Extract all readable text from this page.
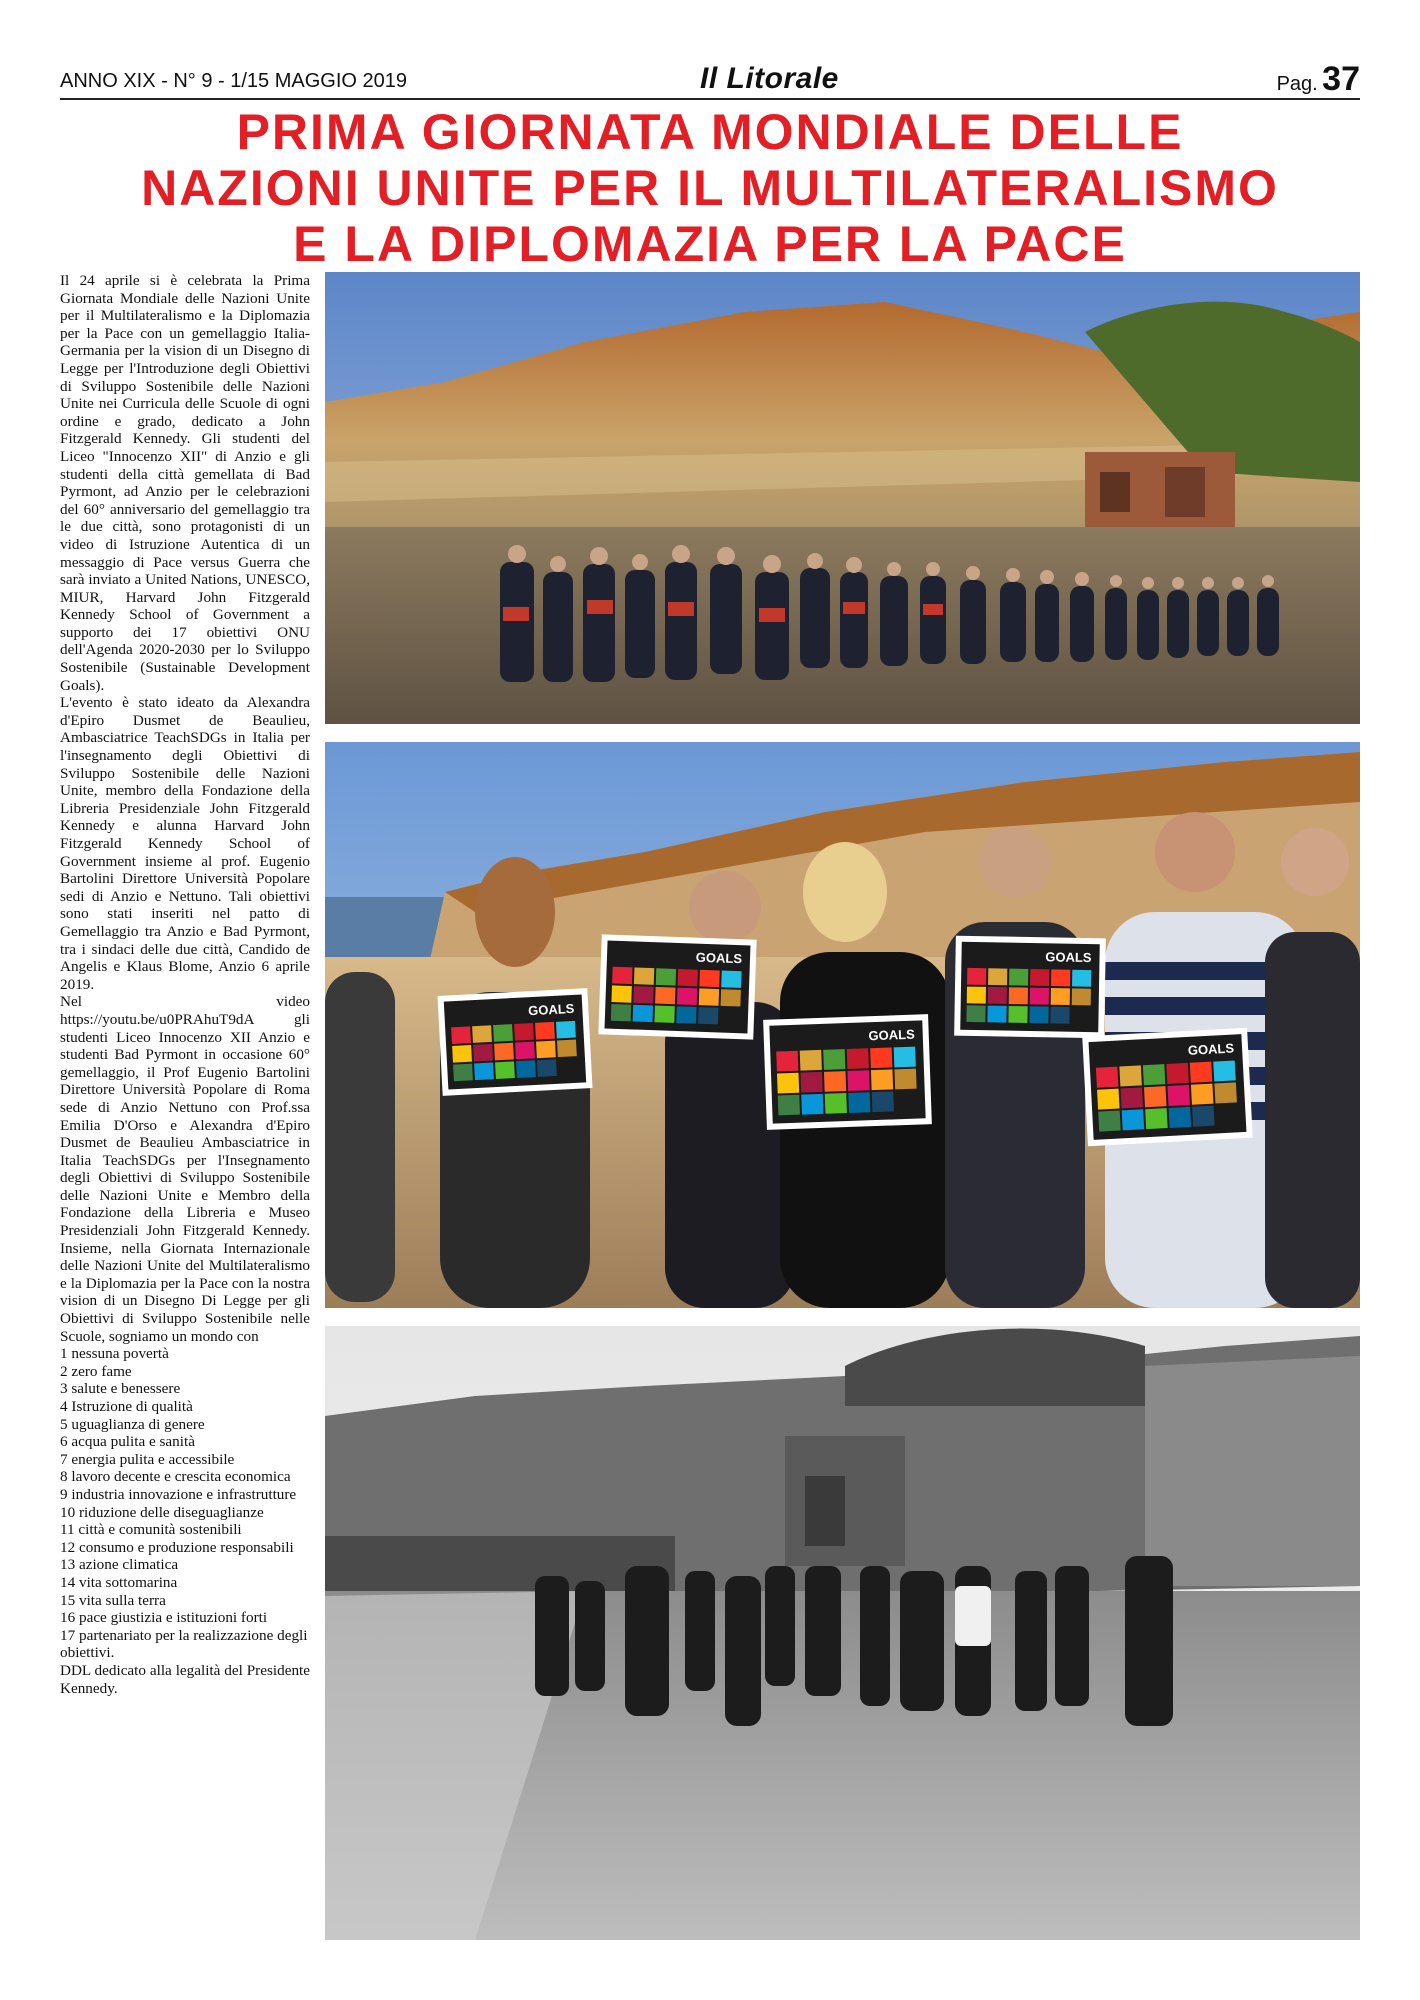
ANNO XIX - N° 9 - 1/15 MAGGIO 2019	Il Litorale	Pag. 37
PRIMA GIORNATA MONDIALE DELLE
NAZIONI UNITE PER IL MULTILATERALISMO
E LA DIPLOMAZIA PER LA PACE

Il 24 aprile si è celebrata la Prima Giornata Mondiale delle Nazioni Unite per il Multilateralismo e la Diplomazia per la Pace con un gemellaggio Italia-Germania per la vision di un Disegno di Legge per l'Introduzione degli Obiettivi di Sviluppo Sostenibile delle Nazioni Unite nei Curricula delle Scuole di ogni ordine e grado, dedicato a John Fitzgerald Kennedy. Gli studenti del Liceo "Innocenzo XII" di Anzio e gli studenti della città gemellata di Bad Pyrmont, ad Anzio per le celebrazioni del 60° anniversario del gemellaggio tra le due città, sono protagonisti di un video di Istruzione Autentica di un messaggio di Pace versus Guerra che sarà inviato a United Nations, UNESCO, MIUR, Harvard John Fitzgerald Kennedy School of Government a supporto dei 17 obiettivi ONU dell'Agenda 2020-2030 per lo Sviluppo Sostenibile (Sustainable Development Goals).

L'evento è stato ideato da Alexandra d'Epiro Dusmet de Beaulieu, Ambasciatrice TeachSDGs in Italia per l'insegnamento degli Obiettivi di Sviluppo Sostenibile delle Nazioni Unite, membro della Fondazione della Libreria Presidenziale John Fitzgerald Kennedy e alunna Harvard John Fitzgerald Kennedy School of Government insieme al prof. Eugenio Bartolini Direttore Università Popolare sedi di Anzio e Nettuno. Tali obiettivi sono stati inseriti nel patto di Gemellaggio tra Anzio e Bad Pyrmont, tra i sindaci delle due città, Candido de Angelis e Klaus Blome, Anzio 6 aprile 2019.

Nel video https://youtu.be/u0PRAhuT9dA gli studenti Liceo Innocenzo XII Anzio e studenti Bad Pyrmont in occasione 60° gemellaggio, il Prof Eugenio Bartolini Direttore Università Popolare di Roma sede di Anzio Nettuno con Prof.ssa Emilia D'Orso e Alexandra d'Epiro Dusmet de Beaulieu Ambasciatrice in Italia TeachSDGs per l'Insegnamento degli Obiettivi di Sviluppo Sostenibile delle Nazioni Unite e Membro della Fondazione della Libreria e Museo Presidenziali John Fitzgerald Kennedy. Insieme, nella Giornata Internazionale delle Nazioni Unite del Multilateralismo e la Diplomazia per la Pace con la nostra vision di un Disegno Di Legge per gli Obiettivi di Sviluppo Sostenibile nelle Scuole, sogniamo un mondo con

1 nessuna povertà
2 zero fame
3 salute e benessere
4 Istruzione di qualità
5 uguaglianza di genere
6 acqua pulita e sanità
7 energia pulita e accessibile
8 lavoro decente e crescita economica
9 industria innovazione e infrastrutture
10 riduzione delle diseguaglianze
11 città e comunità sostenibili
12 consumo e produzione responsabili
13 azione climatica
14 vita sottomarina
15 vita sulla terra
16 pace giustizia e istituzioni forti
17 partenariato per la realizzazione degli obiettivi.

DDL dedicato alla legalità del Presidente Kennedy.

GOALS
GOALS
GOALS
GOALS
GOALS
